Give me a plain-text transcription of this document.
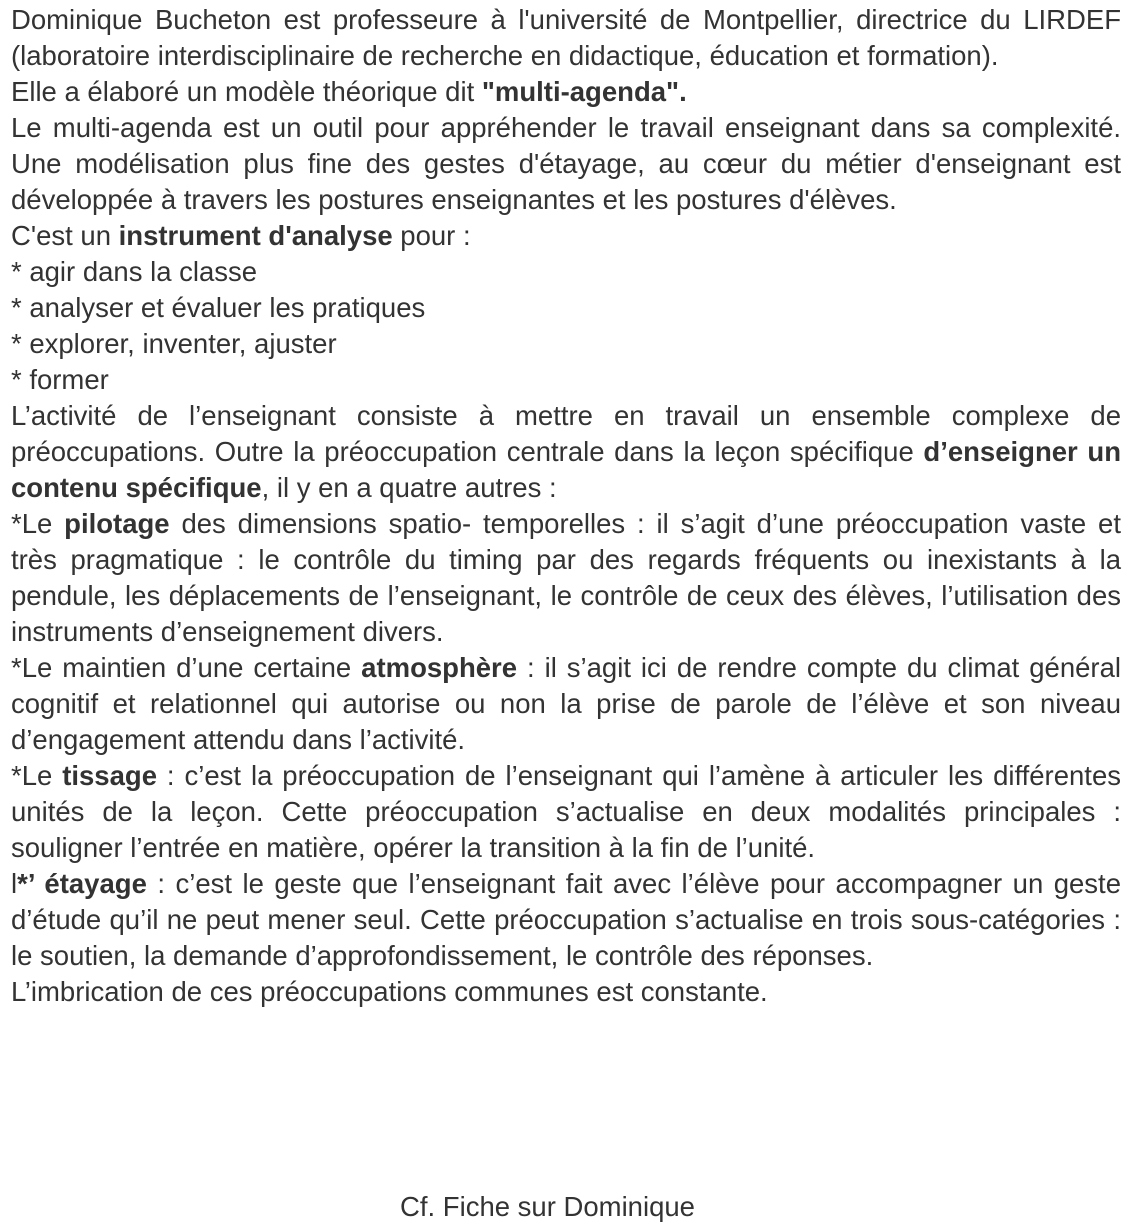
Dominique Bucheton est professeure à l'université de Montpellier, directrice du LIRDEF (laboratoire interdisciplinaire de recherche en didactique, éducation et formation).

Elle a élaboré un modèle théorique dit "multi-agenda".

Le multi-agenda est un outil pour appréhender le travail enseignant dans sa complexité. Une modélisation plus fine des gestes d'étayage, au cœur du métier d'enseignant est développée à travers les postures enseignantes et les postures d'élèves.

C'est un instrument d'analyse pour :

* agir dans la classe

* analyser et évaluer les pratiques

* explorer, inventer, ajuster

* former

L’activité de l’enseignant consiste à mettre en travail un ensemble complexe de préoccupations. Outre la préoccupation centrale dans la leçon spécifique d’enseigner un contenu spécifique, il y en a quatre autres :

*Le pilotage des dimensions spatio- temporelles : il s’agit d’une préoccupation vaste et très pragmatique : le contrôle du timing par des regards fréquents ou inexistants à la pendule, les déplacements de l’enseignant, le contrôle de ceux des élèves, l’utilisation des instruments d’enseignement divers.

*Le maintien d’une certaine atmosphère : il s’agit ici de rendre compte du climat général cognitif et relationnel qui autorise ou non la prise de parole de l’élève et son niveau d’engagement attendu dans l’activité.

*Le tissage : c’est la préoccupation de l’enseignant qui l’amène à articuler les différentes unités de la leçon. Cette préoccupation s’actualise en deux modalités principales : souligner l’entrée en matière, opérer la transition à la fin de l’unité.

l*’ étayage : c’est le geste que l’enseignant fait avec l’élève pour accompagner un geste d’étude qu’il ne peut mener seul. Cette préoccupation s’actualise en trois sous-catégories : le soutien, la demande d’approfondissement, le contrôle des réponses.

L’imbrication de ces préoccupations communes est constante.

Cf. Fiche sur Dominique
